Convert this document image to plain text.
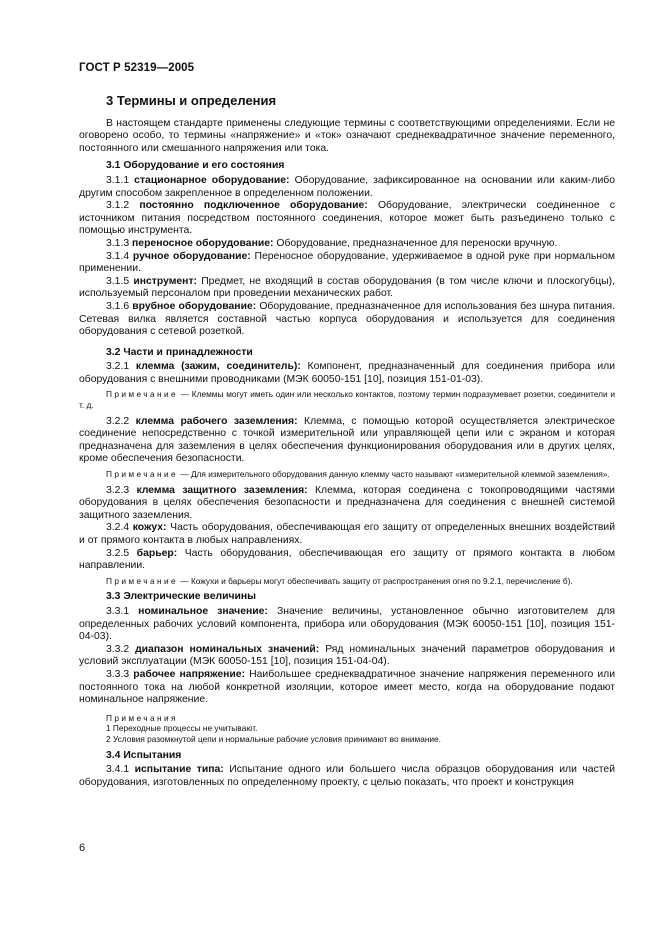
ГОСТ Р 52319—2005
3 Термины и определения

В настоящем стандарте применены следующие термины с соответствующими определениями. Если не оговорено особо, то термины «напряжение» и «ток» означают среднеквадратичное значение переменного, постоянного или смешанного напряжения или тока.

3.1 Оборудование и его состояния

3.1.1 стационарное оборудование: Оборудование, зафиксированное на основании или каким-либо другим способом закрепленное в определенном положении.

3.1.2 постоянно подключенное оборудование: Оборудование, электрически соединенное с источником питания посредством постоянного соединения, которое может быть разъединено только с помощью инструмента.

3.1.3 переносное оборудование: Оборудование, предназначенное для переноски вручную.

3.1.4 ручное оборудование: Переносное оборудование, удерживаемое в одной руке при нормальном применении.

3.1.5 инструмент: Предмет, не входящий в состав оборудования (в том числе ключи и плоскогубцы), используемый персоналом при проведении механических работ.

3.1.6 врубное оборудование: Оборудование, предназначенное для использования без шнура питания. Сетевая вилка является составной частью корпуса оборудования и используется для соединения оборудования с сетевой розеткой.

3.2 Части и принадлежности

3.2.1 клемма (зажим, соединитель): Компонент, предназначенный для соединения прибора или оборудования с внешними проводниками (МЭК 60050-151 [10], позиция 151-01-03).

Примечание — Клеммы могут иметь один или несколько контактов, поэтому термин подразумевает розетки, соединители и т. д.

3.2.2 клемма рабочего заземления: Клемма, с помощью которой осуществляется электрическое соединение непосредственно с точкой измерительной или управляющей цепи или с экраном и которая предназначена для заземления в целях обеспечения функционирования оборудования или в других целях, кроме обеспечения безопасности.

Примечание — Для измерительного оборудования данную клемму часто называют «измерительной клеммой заземления».

3.2.3 клемма защитного заземления: Клемма, которая соединена с токопроводящими частями оборудования в целях обеспечения безопасности и предназначена для соединения с внешней системой защитного заземления.

3.2.4 кожух: Часть оборудования, обеспечивающая его защиту от определенных внешних воздействий и от прямого контакта в любых направлениях.

3.2.5 барьер: Часть оборудования, обеспечивающая его защиту от прямого контакта в любом направлении.

Примечание — Кожухи и барьеры могут обеспечивать защиту от распространения огня по 9.2.1, перечисление б).

3.3 Электрические величины

3.3.1 номинальное значение: Значение величины, установленное обычно изготовителем для определенных рабочих условий компонента, прибора или оборудования (МЭК 60050-151 [10], позиция 151-04-03).

3.3.2 диапазон номинальных значений: Ряд номинальных значений параметров оборудования и условий эксплуатации (МЭК 60050-151 [10], позиция 151-04-04).

3.3.3 рабочее напряжение: Наибольшее среднеквадратичное значение напряжения переменного или постоянного тока на любой конкретной изоляции, которое имеет место, когда на оборудование подают номинальное напряжение.

Примечания
1 Переходные процессы не учитывают.
2 Условия разомкнутой цепи и нормальные рабочие условия принимают во внимание.
3.4 Испытания

3.4.1 испытание типа: Испытание одного или большего числа образцов оборудования или частей оборудования, изготовленных по определенному проекту, с целью показать, что проект и конструкция

6
